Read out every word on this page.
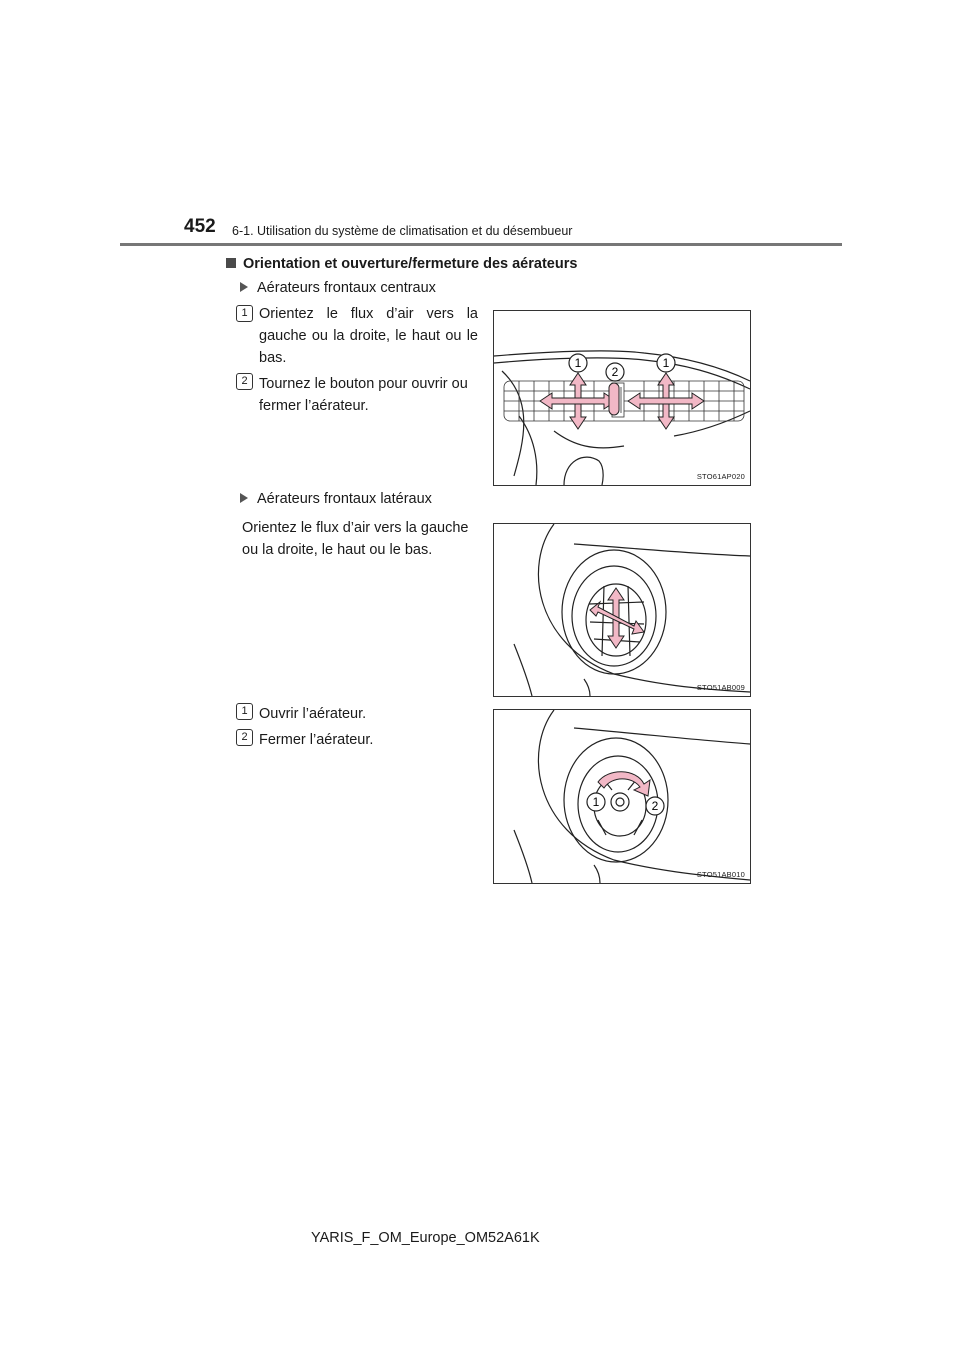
452 6-1. Utilisation du système de climatisation et du désembueur
Orientation et ouverture/fermeture des aérateurs
Aérateurs frontaux centraux
1 Orientez le flux d’air vers la gauche ou la droite, le haut ou le bas.
2 Tournez le bouton pour ouvrir ou fermer l’aérateur.
1
2
1
STO61AP020
Aérateurs frontaux latéraux
Orientez le flux d’air vers la gauche ou la droite, le haut ou le bas.
STO51AB009
1 Ouvrir l’aérateur.
2 Fermer l’aérateur.
1	2
STO51AB010
YARIS_F_OM_Europe_OM52A61K
